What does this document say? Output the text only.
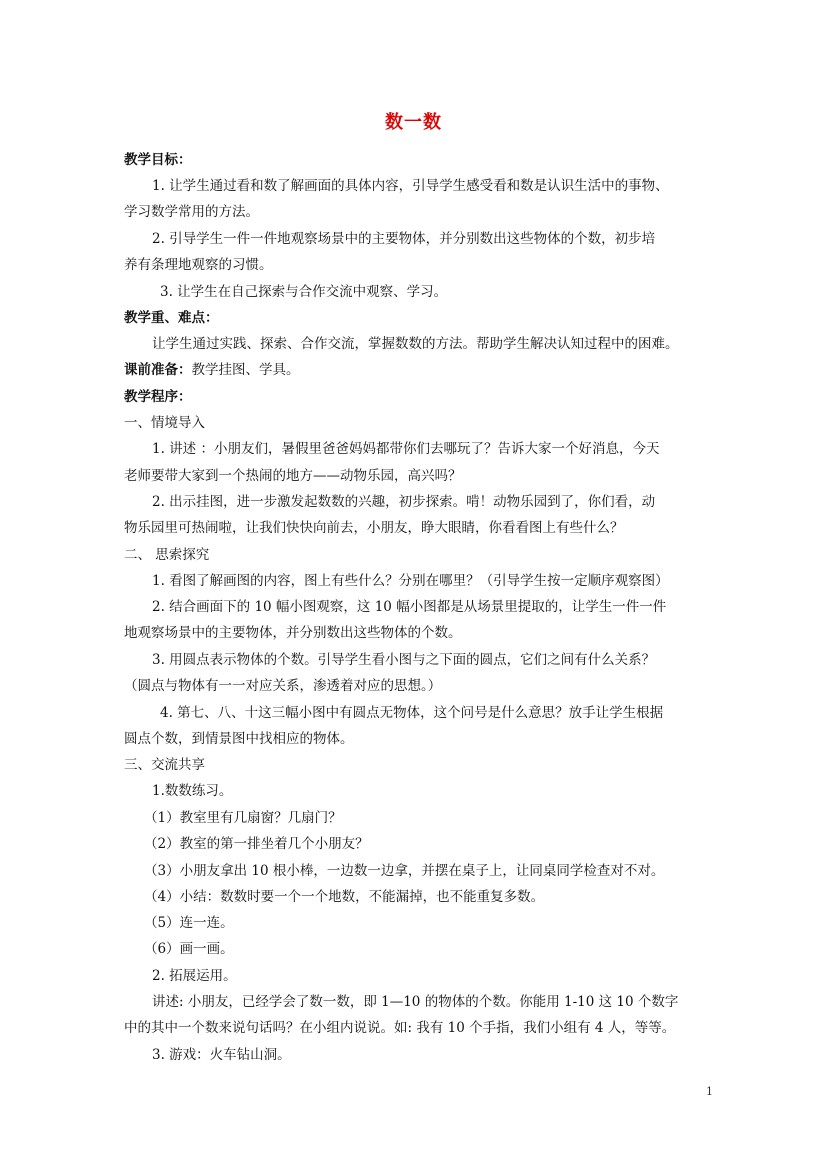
数一数
教学目标：
1. 让学生通过看和数了解画面的具体内容，引导学生感受看和数是认识生活中的事物、
学习数学常用的方法。
2. 引导学生一件一件地观察场景中的主要物体，并分别数出这些物体的个数，初步培
养有条理地观察的习惯。
3. 让学生在自己探索与合作交流中观察、学习。
教学重、难点：
让学生通过实践、探索、合作交流，掌握数数的方法。帮助学生解决认知过程中的困难。
课前准备：教学挂图、学具。
教学程序：
一、情境导入
1. 讲述 ：小朋友们，暑假里爸爸妈妈都带你们去哪玩了？告诉大家一个好消息，今天
老师要带大家到一个热闹的地方——动物乐园，高兴吗？
2. 出示挂图，进一步激发起数数的兴趣，初步探索。啃！动物乐园到了，你们看，动
物乐园里可热闹啦，让我们快快向前去，小朋友，睁大眼睛，你看看图上有些什么？
二、 思索探究
1. 看图了解画图的内容，图上有些什么？分别在哪里？（引导学生按一定顺序观察图）
2. 结合画面下的 10 幅小图观察，这 10 幅小图都是从场景里提取的，让学生一件一件
地观察场景中的主要物体，并分别数出这些物体的个数。
3. 用圆点表示物体的个数。引导学生看小图与之下面的圆点，它们之间有什么关系？
（圆点与物体有一一对应关系，渗透着对应的思想。）
4. 第七、八、十这三幅小图中有圆点无物体，这个问号是什么意思？放手让学生根据
圆点个数，到情景图中找相应的物体。
三、交流共享
1.数数练习。
（1）教室里有几扇窗？几扇门？
（2）教室的第一排坐着几个小朋友？
（3）小朋友拿出 10 根小棒，一边数一边拿，并摆在桌子上，让同桌同学检查对不对。
（4）小结：数数时要一个一个地数，不能漏掉，也不能重复多数。
（5）连一连。
（6）画一画。
2. 拓展运用。
讲述: 小朋友，已经学会了数一数，即 1—10 的物体的个数。你能用 1-10 这 10 个数字
中的其中一个数来说句话吗？在小组内说说。如: 我有 10 个手指，我们小组有 4 人，等等。
3. 游戏：火车钻山洞。
1
